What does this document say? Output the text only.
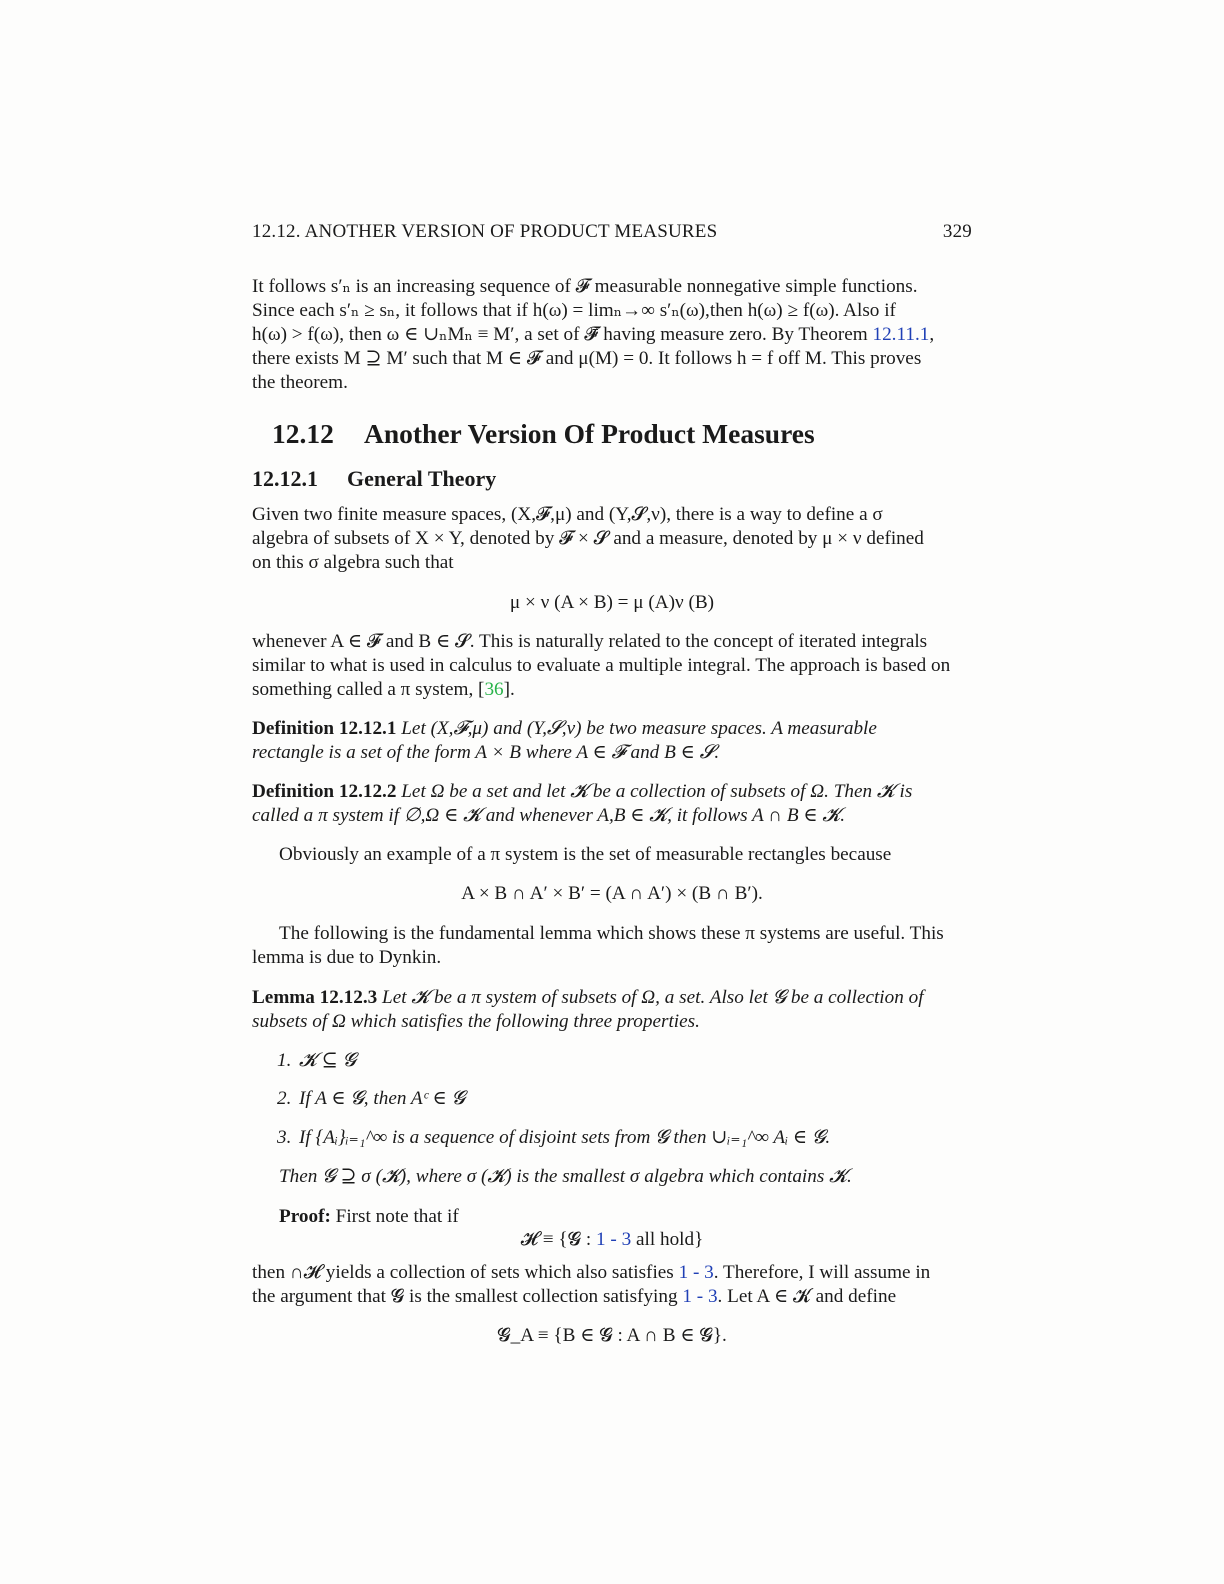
12.12. ANOTHER VERSION OF PRODUCT MEASURES	329
It follows s′ₙ is an increasing sequence of 𝓕 measurable nonnegative simple functions.
Since each s′ₙ ≥ sₙ, it follows that if h(ω) = limₙ→∞ s′ₙ(ω),then h(ω) ≥ f(ω). Also if
h(ω) > f(ω), then ω ∈ ∪ₙMₙ ≡ M′, a set of 𝓕̄ having measure zero. By Theorem 12.11.1,
there exists M ⊇ M′ such that M ∈ 𝓕 and μ(M) = 0. It follows h = f off M. This proves
the theorem.
12.12 Another Version Of Product Measures
12.12.1 General Theory
Given two finite measure spaces, (X,𝓕,μ) and (Y,𝓢,ν), there is a way to define a σ
algebra of subsets of X × Y, denoted by 𝓕 × 𝓢 and a measure, denoted by μ × ν defined
on this σ algebra such that
μ × ν (A × B) = μ (A)ν (B)
whenever A ∈ 𝓕 and B ∈ 𝓢. This is naturally related to the concept of iterated integrals
similar to what is used in calculus to evaluate a multiple integral. The approach is based on
something called a π system, [36].
Definition 12.12.1 Let (X,𝓕,μ) and (Y,𝓢,ν) be two measure spaces. A measurable
rectangle is a set of the form A × B where A ∈ 𝓕 and B ∈ 𝓢.
Definition 12.12.2 Let Ω be a set and let 𝓚 be a collection of subsets of Ω. Then 𝓚 is
called a π system if ∅,Ω ∈ 𝓚 and whenever A,B ∈ 𝓚, it follows A ∩ B ∈ 𝓚.
Obviously an example of a π system is the set of measurable rectangles because
A × B ∩ A′ × B′ = (A ∩ A′) × (B ∩ B′).
The following is the fundamental lemma which shows these π systems are useful. This
lemma is due to Dynkin.
Lemma 12.12.3 Let 𝓚 be a π system of subsets of Ω, a set. Also let 𝓖 be a collection of
subsets of Ω which satisfies the following three properties.
1. 𝓚 ⊆ 𝓖
2. If A ∈ 𝓖, then Aᶜ ∈ 𝓖
3. If {Aᵢ}ᵢ₌₁^∞ is a sequence of disjoint sets from 𝓖 then ∪ᵢ₌₁^∞ Aᵢ ∈ 𝓖.
Then 𝓖 ⊇ σ (𝓚), where σ (𝓚) is the smallest σ algebra which contains 𝓚.
Proof: First note that if
𝓗 ≡ {𝓖 : 1 - 3 all hold}
then ∩𝓗 yields a collection of sets which also satisfies 1 - 3. Therefore, I will assume in
the argument that 𝓖 is the smallest collection satisfying 1 - 3. Let A ∈ 𝓚 and define
𝓖_A ≡ {B ∈ 𝓖 : A ∩ B ∈ 𝓖}.
